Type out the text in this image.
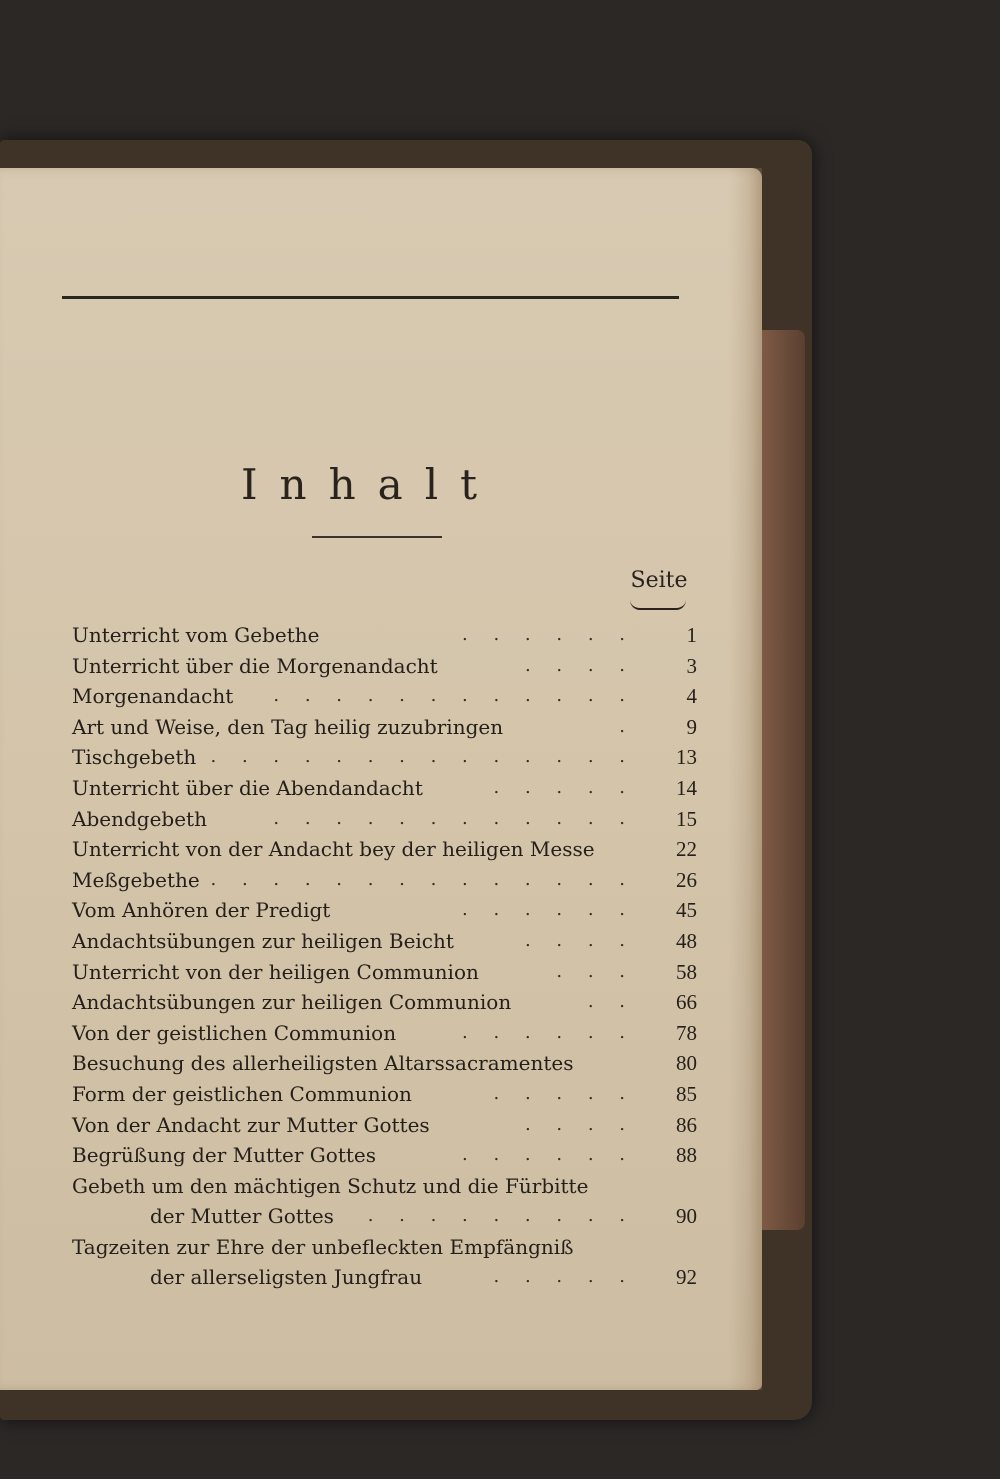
Inhalt
Seite
Unterricht vom Gebethe	. . . . . .	1
Unterricht über die Morgenandacht	. . . .	3
Morgenandacht . . . . . . . . . . . .	4
Art und Weise, den Tag heilig zuzubringen	.	9
Tischgebeth . . . . . . . . . . . . . .	13
Unterricht über die Abendandacht	. . . . .	14
Abendgebeth	. . . . . . . . . . . .	15
Unterricht von der Andacht bey der heiligen Messe	22
Meßgebethe . . . . . . . . . . . . . .	26
Vom Anhören der Predigt	. . . . . .	45
Andachtsübungen zur heiligen Beicht	. . . .	48
Unterricht von der heiligen Communion	. . .	58
Andachtsübungen zur heiligen Communion	. .	66
Von der geistlichen Communion	. . . . . .	78
Besuchung des allerheiligsten Altarssacramentes	80
Form der geistlichen Communion	. . . . .	85
Von der Andacht zur Mutter Gottes	. . . .	86
Begrüßung der Mutter Gottes	. . . . . .	88
Gebeth um den mächtigen Schutz und die Fürbitte
der Mutter Gottes . . . . . . . . .	90
Tagzeiten zur Ehre der unbefleckten Empfängniß
der allerseligsten Jungfrau	. . . . .	92
